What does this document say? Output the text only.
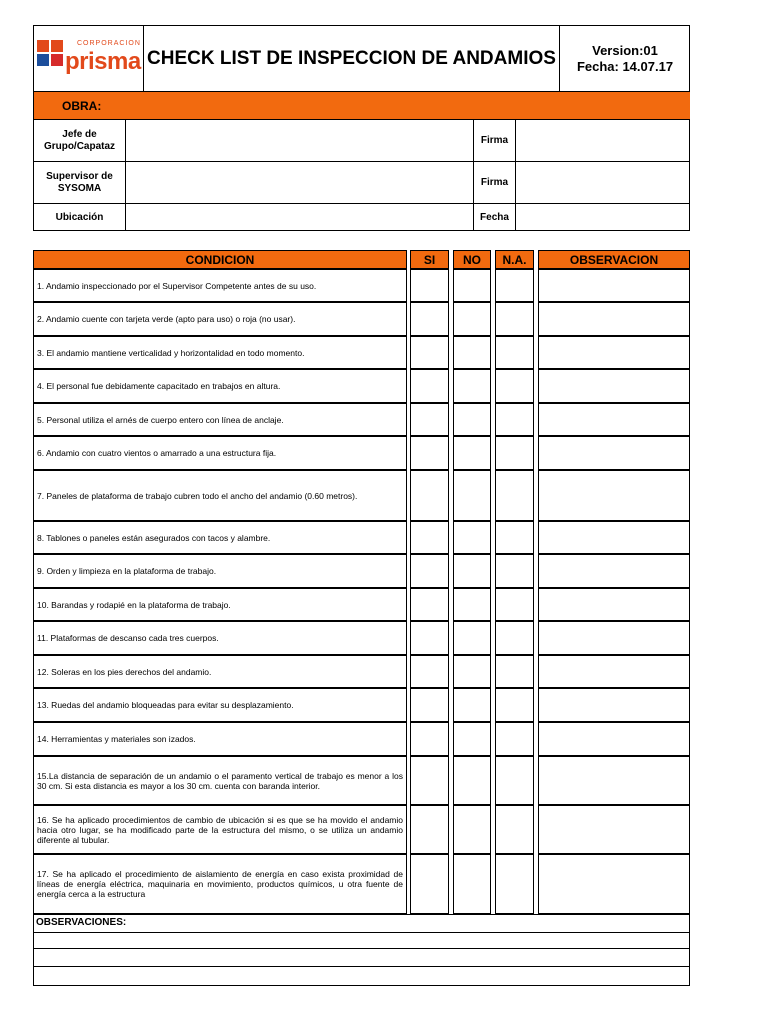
CORPORACION
prisma CHECK LIST DE INSPECCION DE ANDAMIOS	Version:01
Fecha: 14.07.17
OBRA:
Jefe de Grupo/Capataz
Firma
Supervisor de SYSOMA
Firma
Ubicación	Fecha
CONDICION	SI NO N.A.	OBSERVACION
1. Andamio inspeccionado por el Supervisor Competente antes de su uso.
2. Andamio cuente con tarjeta verde (apto para uso) o roja (no usar).
3. El andamio mantiene verticalidad y horizontalidad en todo momento.
4. El personal fue debidamente capacitado en trabajos en altura.
5. Personal utiliza el arnés de cuerpo entero con línea de anclaje.
6. Andamio con cuatro vientos o amarrado a una estructura fija.
7. Paneles de plataforma de trabajo cubren todo el ancho del andamio (0.60 metros).
8. Tablones o paneles están asegurados con tacos y alambre.
9. Orden y limpieza en la plataforma de trabajo.
10. Barandas y rodapié en la plataforma de trabajo.
11. Plataformas de descanso cada tres cuerpos.
12. Soleras en los pies derechos del andamio.
13. Ruedas del andamio bloqueadas para evitar su desplazamiento.
14. Herramientas y materiales son izados.
15.La distancia de separación de un andamio o el paramento vertical de trabajo es menor a los 30 cm. Si esta distancia es mayor a los 30 cm. cuenta con baranda interior.
16. Se ha aplicado procedimientos de cambio de ubicación si es que se ha movido el andamio hacia otro lugar, se ha modificado parte de la estructura del mismo, o se utiliza un andamio diferente al tubular.
17. Se ha aplicado el procedimiento de aislamiento de energía en caso exista proximidad de líneas de energía eléctrica, maquinaria en movimiento, productos químicos, u otra fuente de energía cerca a la estructura
OBSERVACIONES:
